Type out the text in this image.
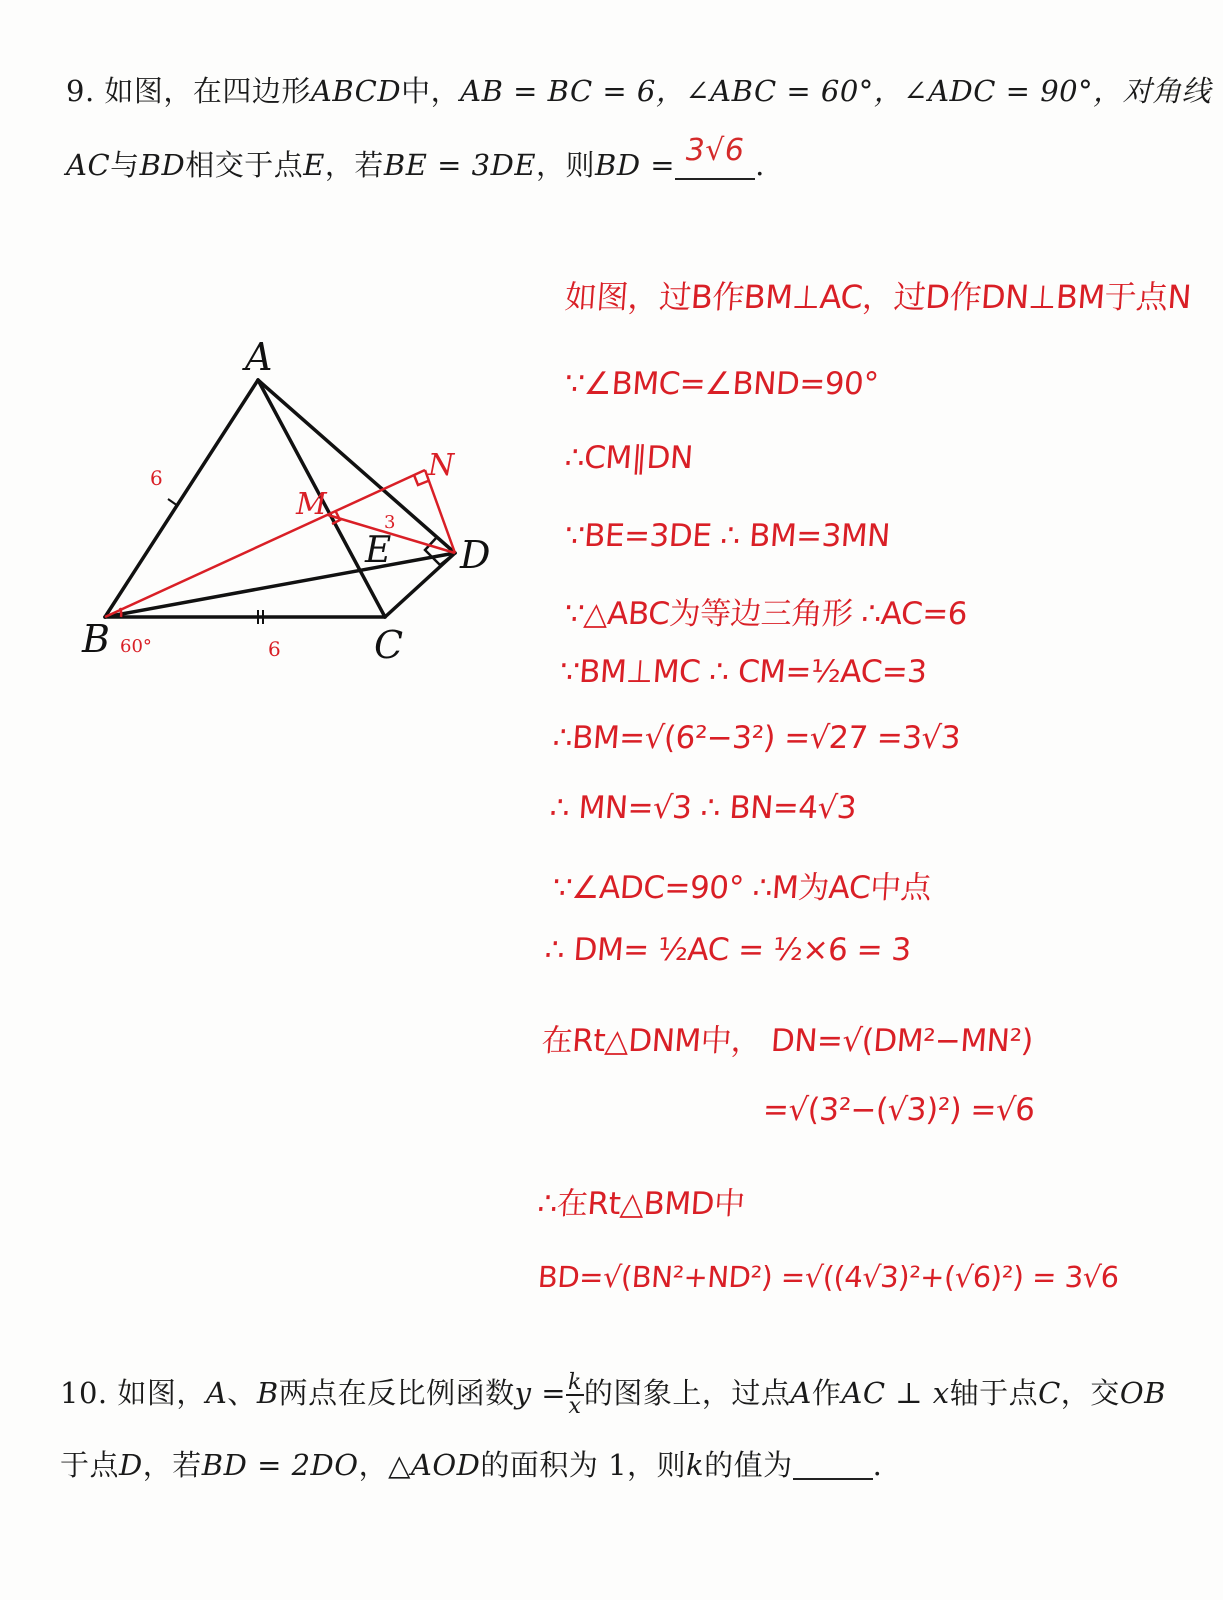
9. 如图，在四边形ABCD中，AB = BC = 6，∠ABC = 60°，∠ADC = 90°，对角线
AC与BD相交于点E，若BE = 3DE，则BD = 3√6 .
A
B	C
D
E
M
N
6
6
3
60°
如图，过B作BM⊥AC，过D作DN⊥BM于点N
∵∠BMC=∠BND=90°
∴CM∥DN
∵BE=3DE ∴ BM=3MN
∵△ABC为等边三角形 ∴AC=6
∵BM⊥MC ∴ CM=½AC=3
∴BM=√(6²−3²) =√27 =3√3
∴ MN=√3 ∴ BN=4√3
∵∠ADC=90° ∴M为AC中点
∴ DM= ½AC = ½×6 = 3
在Rt△DNM中， DN=√(DM²−MN²)
=√(3²−(√3)²) =√6
∴在Rt△BMD中
BD=√(BN²+ND²) =√((4√3)²+(√6)²) = 3√6
10. 如图，A、B两点在反比例函数$y = \frac{k}{x}$ 的图象上，过点A作AC ⊥ x轴于点C，交OB
于点D，若BD = 2DO，△AOD的面积为 1，则k的值为	.
